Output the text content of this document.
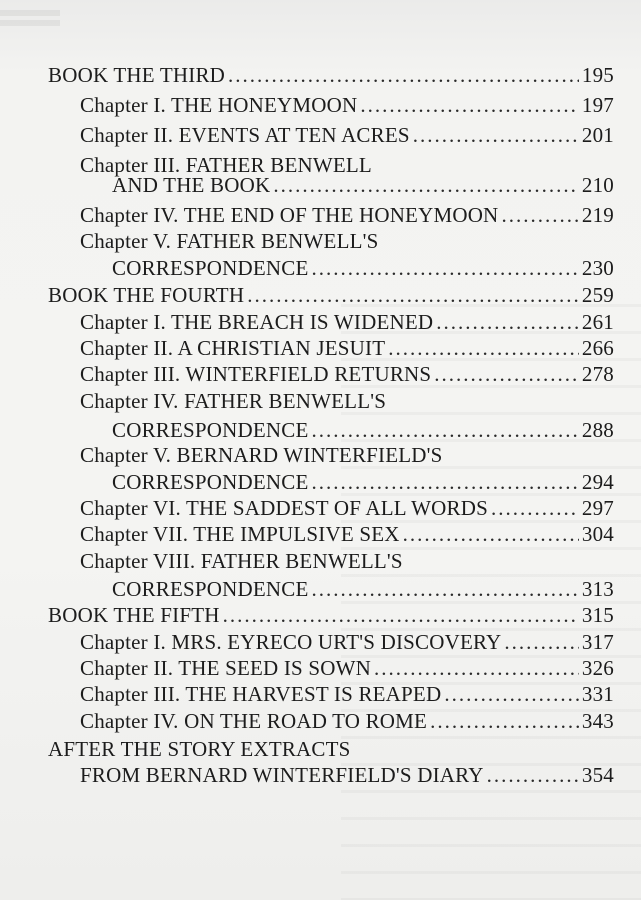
BOOK THE THIRD .....	195
Chapter I. THE HONEYMOON .....	197
Chapter II. EVENTS AT TEN ACRES .....	201
Chapter III. FATHER BENWELL
AND THE BOOK .....	210
Chapter IV. THE END OF THE HONEYMOON .....	219
Chapter V. FATHER BENWELL'S
CORRESPONDENCE .....	230
BOOK THE FOURTH .....	259
Chapter I. THE BREACH IS WIDENED .....	261
Chapter II. A CHRISTIAN JESUIT .....	266
Chapter III. WINTERFIELD RETURNS .....	278
Chapter IV. FATHER BENWELL'S
CORRESPONDENCE .....	288
Chapter V. BERNARD WINTERFIELD'S
CORRESPONDENCE .....	294
Chapter VI. THE SADDEST OF ALL WORDS .....	297
Chapter VII. THE IMPULSIVE SEX .....	304
Chapter VIII. FATHER BENWELL'S
CORRESPONDENCE .....	313
BOOK THE FIFTH .....	315
Chapter I. MRS. EYRECO URT'S DISCOVERY .....	317
Chapter II. THE SEED IS SOWN .....	326
Chapter III. THE HARVEST IS REAPED .....	331
Chapter IV. ON THE ROAD TO ROME .....	343
AFTER THE STORY EXTRACTS
FROM BERNARD WINTERFIELD'S DIARY .....	354
